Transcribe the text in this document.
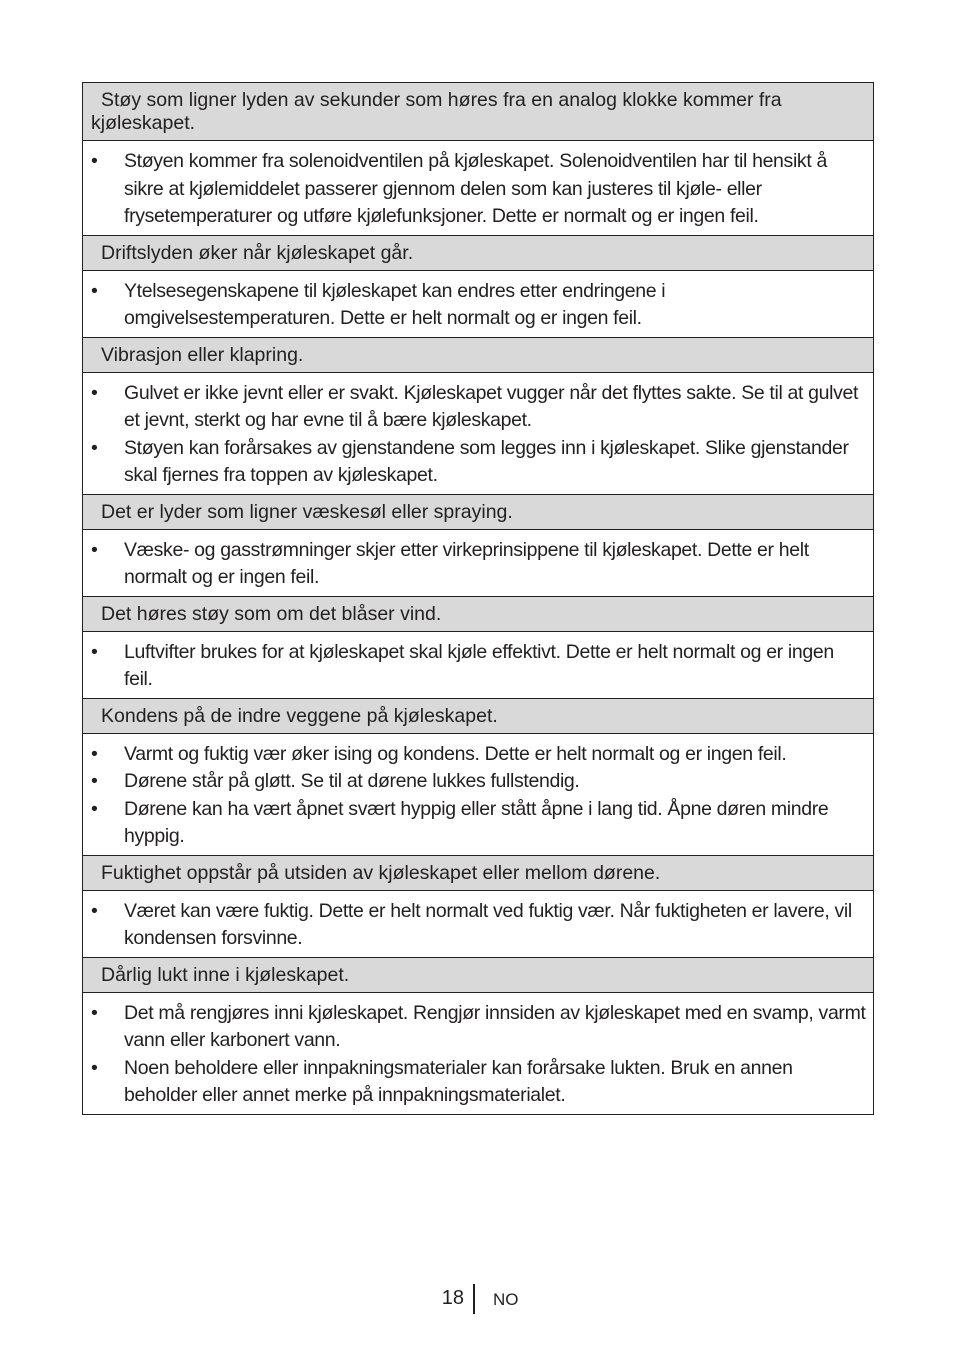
Støy som ligner lyden av sekunder som høres fra en analog klokke kommer fra kjøleskapet.
• Støyen kommer fra solenoidventilen på kjøleskapet. Solenoidventilen har til hensikt å sikre at kjølemiddelet passerer gjennom delen som kan justeres til kjøle- eller frysetemperaturer og utføre kjølefunksjoner. Dette er normalt og er ingen feil.
Driftslyden øker når kjøleskapet går.
• Ytelsesegenskapene til kjøleskapet kan endres etter endringene i omgivelsestemperaturen. Dette er helt normalt og er ingen feil.
Vibrasjon eller klapring.
• Gulvet er ikke jevnt eller er svakt. Kjøleskapet vugger når det flyttes sakte. Se til at gulvet et jevnt, sterkt og har evne til å bære kjøleskapet.
• Støyen kan forårsakes av gjenstandene som legges inn i kjøleskapet. Slike gjenstander skal fjernes fra toppen av kjøleskapet.
Det er lyder som ligner væskesøl eller spraying.
• Væske- og gasstrømninger skjer etter virkeprinsippene til kjøleskapet. Dette er helt normalt og er ingen feil.
Det høres støy som om det blåser vind.
• Luftvifter brukes for at kjøleskapet skal kjøle effektivt. Dette er helt normalt og er ingen feil.
Kondens på de indre veggene på kjøleskapet.
• Varmt og fuktig vær øker ising og kondens. Dette er helt normalt og er ingen feil.
• Dørene står på gløtt. Se til at dørene lukkes fullstendig.
• Dørene kan ha vært åpnet svært hyppig eller stått åpne i lang tid. Åpne døren mindre hyppig.
Fuktighet oppstår på utsiden av kjøleskapet eller mellom dørene.
• Været kan være fuktig. Dette er helt normalt ved fuktig vær. Når fuktigheten er lavere, vil kondensen forsvinne.
Dårlig lukt inne i kjøleskapet.
• Det må rengjøres inni kjøleskapet. Rengjør innsiden av kjøleskapet med en svamp, varmt vann eller karbonert vann.
• Noen beholdere eller innpakningsmaterialer kan forårsake lukten. Bruk en annen beholder eller annet merke på innpakningsmaterialet.
18 NO
